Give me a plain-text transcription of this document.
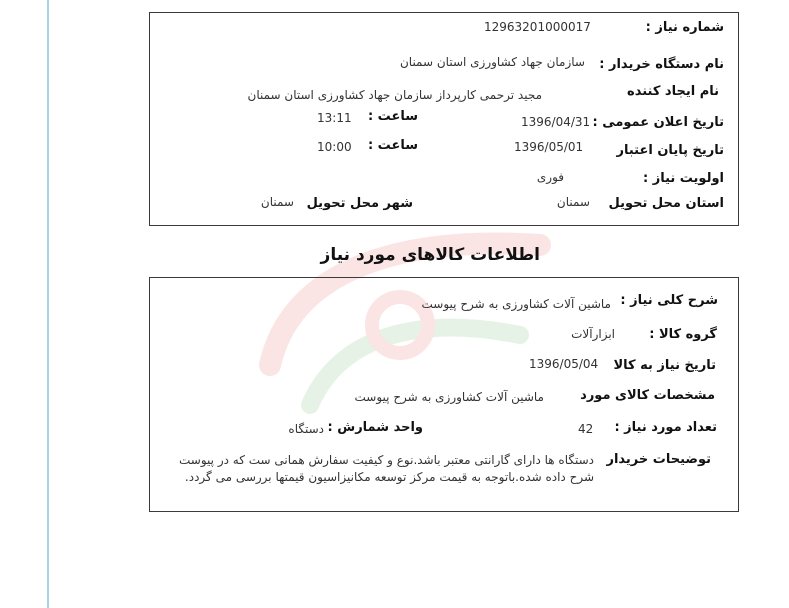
شماره نیاز :
12963201000017
نام دستگاه خریدار :
سازمان جهاد کشاورزی استان سمنان
نام ایجاد کننده
مجید ترحمی کارپرداز سازمان جهاد کشاورزی استان سمنان
تاریخ اعلان عمومی :
1396/04/31
ساعت :
13:11
تاریخ پایان اعتبار
1396/05/01
ساعت :
10:00
اولویت نیاز :
فوری
استان محل تحویل
سمنان
شهر محل تحویل
سمنان
اطلاعات کالاهای مورد نیاز
شرح کلی نیاز :
ماشین آلات کشاورزی به شرح پیوست
گروه کالا :
ابزارآلات
تاریخ نیاز به کالا
1396/05/04
مشخصات کالای مورد
ماشین آلات کشاورزی به شرح پیوست
تعداد مورد نیاز :
42
واحد شمارش :
دستگاه
توضیحات خریدار
دستگاه ها دارای گارانتی معتبر باشد.نوع و کیفیت سفارش همانی ست که در پیوست شرح داده شده.باتوجه به قیمت مرکز توسعه مکانیزاسیون قیمتها بررسی می گردد.
